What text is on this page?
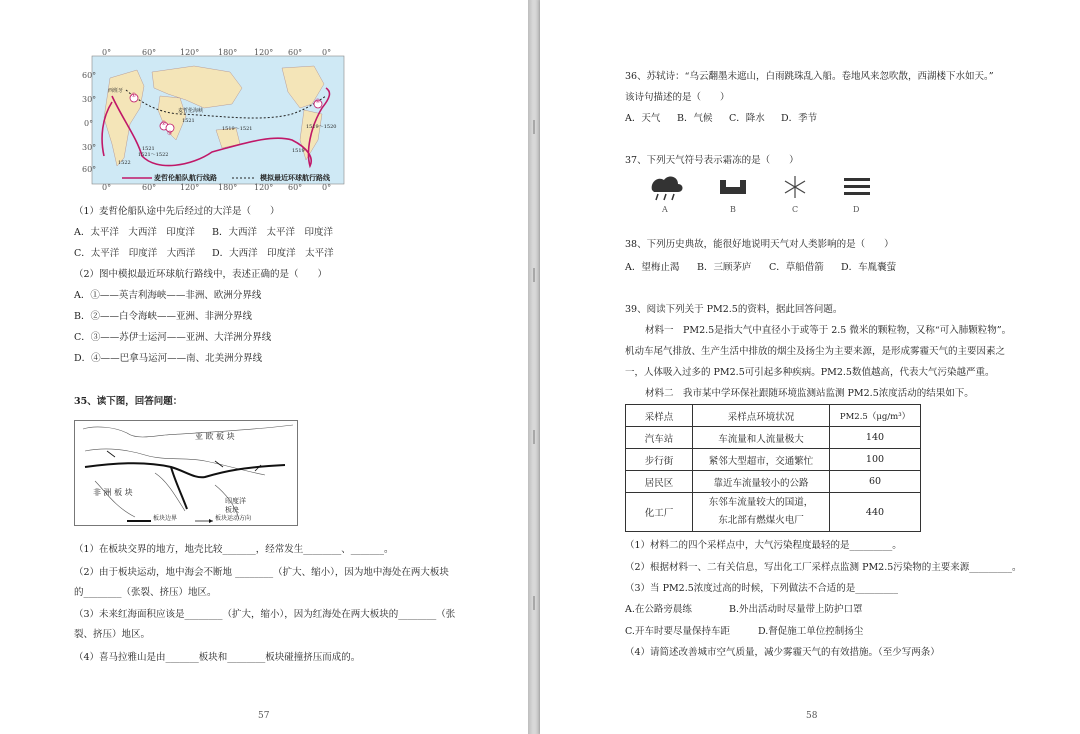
0°	60°	120° 180° 120° 60° 0°
60°
30°
0°
30°
60°
0°	60°	120° 180° 120° 60° 0°
西班牙
麦哲伦海峡
1521
1519～1521
1522
1521
1519
1521～1522
1519～1520
①
②
③
④
麦哲伦船队航行线路	模拟最近环球航行路线
（1）麦哲伦船队途中先后经过的大洋是（　　）
A．太平洋　大西洋　印度洋 B．大西洋　太平洋　印度洋
C．太平洋　印度洋　大西洋 D．大西洋　印度洋　太平洋
（2）图中模拟最近环球航行路线中，表述正确的是（　　）
A．①——英吉利海峡——非洲、欧洲分界线
B．②——白令海峡——亚洲、非洲分界线
C．③——苏伊士运河——亚洲、大洋洲分界线
D．④——巴拿马运河——南、北美洲分界线
35、读下图，回答问题：
亚 欧 板 块
非 洲 板 块
印度洋
板块
板块边界	板块运动方向
（1）在板块交界的地方，地壳比较_______，经常发生________、_______。
（2）由于板块运动，地中海会不断地 ________（扩大、缩小），因为地中海处在两大板块
的________（张裂、挤压）地区。
（3）未来红海面积应该是________（扩大，缩小），因为红海处在两大板块的________（张
裂、挤压）地区。
（4）喜马拉雅山是由_______板块和________板块碰撞挤压而成的。
57
36、苏轼诗：“乌云翻墨未遮山，白雨跳珠乱入船。卷地风来忽吹散，西湖楼下水如天。”
该诗句描述的是（　　）
A．天气 B．气候 C．降水 D．季节
37、下列天气符号表示霜冻的是（　　）
A	B	C	D
38、下列历史典故，能很好地说明天气对人类影响的是（　　）
A．望梅止渴 B．三顾茅庐 C．草船借箭 D．车胤囊萤
39、阅读下列关于 PM2.5的资料，据此回答问题。
材料一　PM2.5是指大气中直径小于或等于 2.5 微米的颗粒物，又称“可入肺颗粒物”。
机动车尾气排放、生产生活中排放的烟尘及扬尘为主要来源，是形成雾霾天气的主要因素之
一，人体吸入过多的 PM2.5可引起多种疾病。PM2.5数值越高，代表大气污染越严重。
材料二　我市某中学环保社跟随环境监测站监测 PM2.5浓度活动的结果如下。
采样点	采样点环境状况	PM2.5（μg/m³）
汽车站	车流量和人流量极大	140
步行街	紧邻大型超市，交通繁忙	100
居民区	靠近车流量较小的公路	60
化工厂	东邻车流量较大的国道，
东北部有燃煤火电厂	440
（1）材料二的四个采样点中，大气污染程度最轻的是_________。
（2）根据材料一、二有关信息，写出化工厂采样点监测 PM2.5污染物的主要来源_________。
（3）当 PM2.5浓度过高的时候，下列做法不合适的是_________
A.在公路旁晨练	B.外出活动时尽量带上防护口罩
C.开车时要尽量保持车距	D.督促施工单位控制扬尘
（4）请简述改善城市空气质量，减少雾霾天气的有效措施。（至少写两条）
58
